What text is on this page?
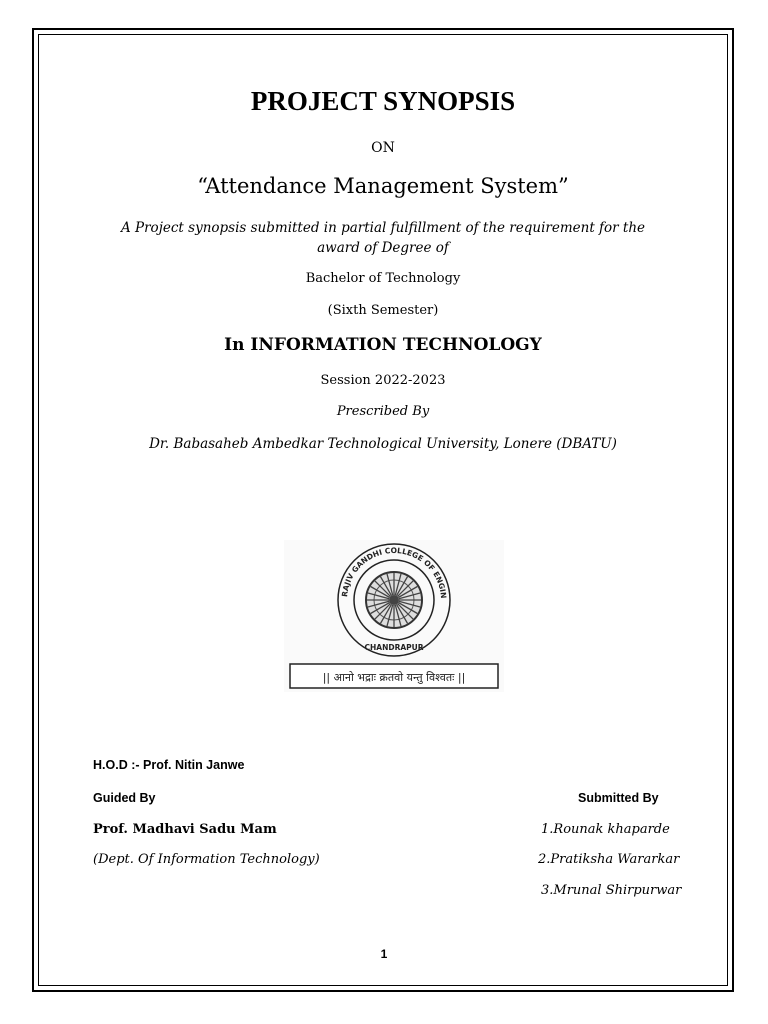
PROJECT SYNOPSIS
ON
“Attendance Management System”
A Project synopsis submitted in partial fulfillment of the requirement for the award of Degree of
Bachelor of Technology
(Sixth Semester)
In INFORMATION TECHNOLOGY
Session 2022-2023
Prescribed By
Dr. Babasaheb Ambedkar Technological University, Lonere (DBATU)
RAJIV GANDHI COLLEGE OF ENGIN
CHANDRAPUR
|| आनो भद्राः क्रतवो यन्तु विश्वतः ||
H.O.D :- Prof. Nitin Janwe
Guided By	Submitted By
Prof. Madhavi Sadu Mam
(Dept. Of Information Technology)
1.Rounak khaparde
2.Pratiksha Wararkar
3.Mrunal Shirpurwar
1
